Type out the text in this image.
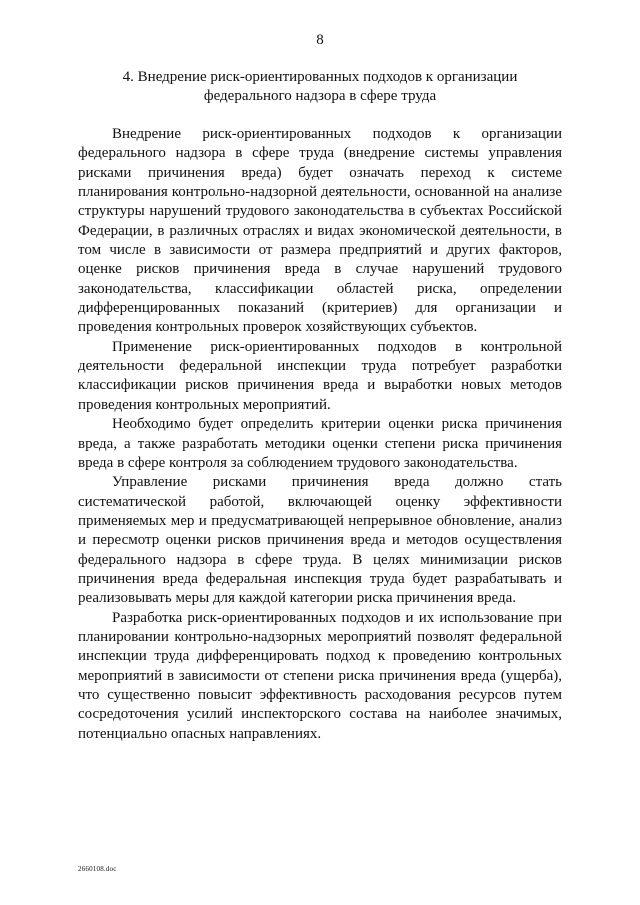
8
4. Внедрение риск-ориентированных подходов к организации
федерального надзора в сфере труда

Внедрение риск-ориентированных подходов к организации федерального надзора в сфере труда (внедрение системы управления рисками причинения вреда) будет означать переход к системе планирования контрольно-надзорной деятельности, основанной на анализе структуры нарушений трудового законодательства в субъектах Российской Федерации, в различных отраслях и видах экономической деятельности, в том числе в зависимости от размера предприятий и других факторов, оценке рисков причинения вреда в случае нарушений трудового законодательства, классификации областей риска, определении дифференцированных показаний (критериев) для организации и проведения контрольных проверок хозяйствующих субъектов.

Применение риск-ориентированных подходов в контрольной деятельности федеральной инспекции труда потребует разработки классификации рисков причинения вреда и выработки новых методов проведения контрольных мероприятий.

Необходимо будет определить критерии оценки риска причинения вреда, а также разработать методики оценки степени риска причинения вреда в сфере контроля за соблюдением трудового законодательства.

Управление рисками причинения вреда должно стать систематической работой, включающей оценку эффективности применяемых мер и предусматривающей непрерывное обновление, анализ и пересмотр оценки рисков причинения вреда и методов осуществления федерального надзора в сфере труда. В целях минимизации рисков причинения вреда федеральная инспекция труда будет разрабатывать и реализовывать меры для каждой категории риска причинения вреда.

Разработка риск-ориентированных подходов и их использование при планировании контрольно-надзорных мероприятий позволят федеральной инспекции труда дифференцировать подход к проведению контрольных мероприятий в зависимости от степени риска причинения вреда (ущерба), что существенно повысит эффективность расходования ресурсов путем сосредоточения усилий инспекторского состава на наиболее значимых, потенциально опасных направлениях.

2660108.doc
